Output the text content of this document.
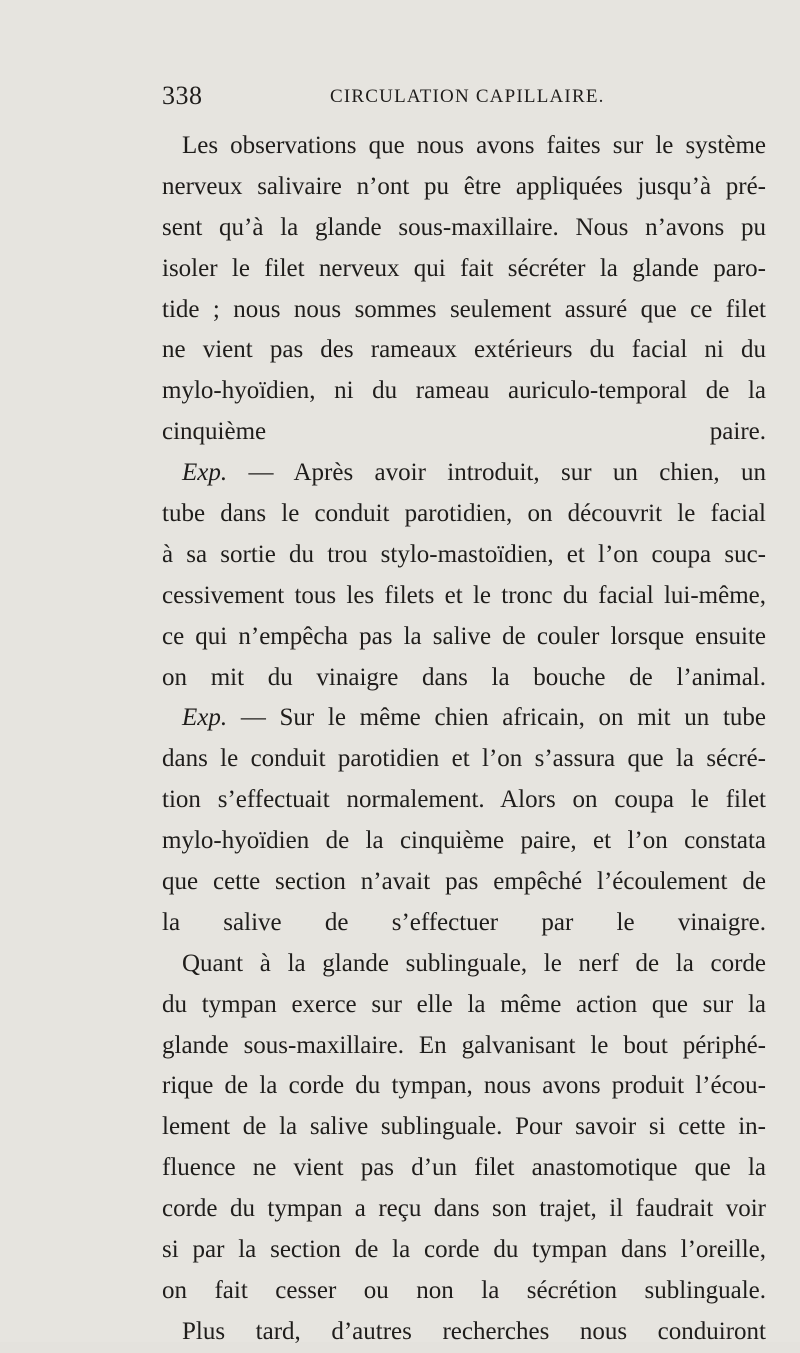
338	CIRCULATION CAPILLAIRE.
Les observations que nous avons faites sur le système
nerveux salivaire n’ont pu être appliquées jusqu’à pré-
sent qu’à la glande sous-maxillaire. Nous n’avons pu
isoler le filet nerveux qui fait sécréter la glande paro-
tide ; nous nous sommes seulement assuré que ce filet
ne vient pas des rameaux extérieurs du facial ni du
mylo-hyoïdien, ni du rameau auriculo-temporal de la
cinquième paire.
Exp. — Après avoir introduit, sur un chien, un
tube dans le conduit parotidien, on découvrit le facial
à sa sortie du trou stylo-mastoïdien, et l’on coupa suc-
cessivement tous les filets et le tronc du facial lui-même,
ce qui n’empêcha pas la salive de couler lorsque ensuite
on mit du vinaigre dans la bouche de l’animal.
Exp. — Sur le même chien africain, on mit un tube
dans le conduit parotidien et l’on s’assura que la sécré-
tion s’effectuait normalement. Alors on coupa le filet
mylo-hyoïdien de la cinquième paire, et l’on constata
que cette section n’avait pas empêché l’écoulement de
la salive de s’effectuer par le vinaigre.
Quant à la glande sublinguale, le nerf de la corde
du tympan exerce sur elle la même action que sur la
glande sous-maxillaire. En galvanisant le bout périphé-
rique de la corde du tympan, nous avons produit l’écou-
lement de la salive sublinguale. Pour savoir si cette in-
fluence ne vient pas d’un filet anastomotique que la
corde du tympan a reçu dans son trajet, il faudrait voir
si par la section de la corde du tympan dans l’oreille,
on fait cesser ou non la sécrétion sublinguale.
Plus tard, d’autres recherches nous conduiront
